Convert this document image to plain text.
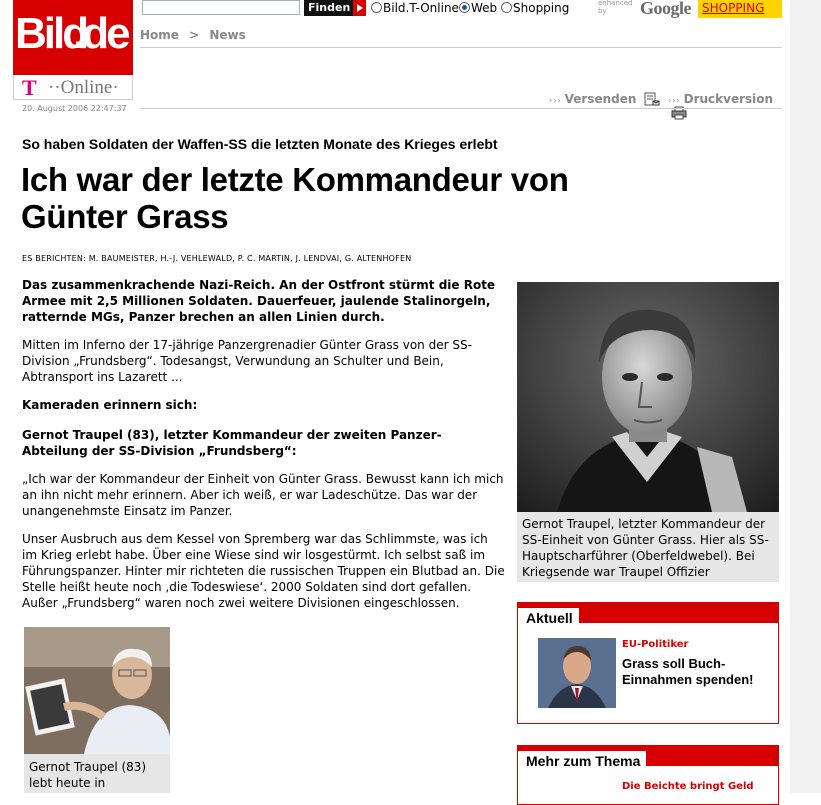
Bild
.de
T ··Online·
20. August 2006 22:47:37
Finden	Bild.T-Online	Web	Shopping	enhanced by	Google SHOPPING
Home > News
››› Versenden	››› Druckversion
So haben Soldaten der Waffen-SS die letzten Monate des Krieges erlebt
Ich war der letzte Kommandeur von Günter Grass
ES BERICHTEN: M. BAUMEISTER, H.-J. VEHLEWALD, P. C. MARTIN, J. LENDVAI, G. ALTENHOFEN
Das zusammenkrachende Nazi-Reich. An der Ostfront stürmt die Rote Armee mit 2,5 Millionen Soldaten. Dauerfeuer, jaulende Stalinorgeln, ratternde MGs, Panzer brechen an allen Linien durch.
Mitten im Inferno der 17-jährige Panzergrenadier Günter Grass von der SS-Division „Frundsberg“. Todesangst, Verwundung an Schulter und Bein, Abtransport ins Lazarett ...
Kameraden erinnern sich:
Gernot Traupel (83), letzter Kommandeur der zweiten Panzer-Abteilung der SS-Division „Frundsberg“:
„Ich war der Kommandeur der Einheit von Günter Grass. Bewusst kann ich mich an ihn nicht mehr erinnern. Aber ich weiß, er war Ladeschütze. Das war der unangenehmste Einsatz im Panzer.
Unser Ausbruch aus dem Kessel von Spremberg war das Schlimmste, was ich im Krieg erlebt habe. Über eine Wiese sind wir losgestürmt. Ich selbst saß im Führungspanzer. Hinter mir richteten die russischen Truppen ein Blutbad an. Die Stelle heißt heute noch ‚die Todeswiese‘. 2000 Soldaten sind dort gefallen. Außer „Frundsberg“ waren noch zwei weitere Divisionen eingeschlossen.
Gernot Traupel, letzter Kommandeur der SS-Einheit von Günter Grass. Hier als SS-Hauptscharführer (Oberfeldwebel). Bei Kriegsende war Traupel Offizier
Gernot Traupel (83) lebt heute in
Aktuell
EU-Politiker
Grass soll Buch-Einnahmen spenden!
Mehr zum Thema
Die Beichte bringt Geld
